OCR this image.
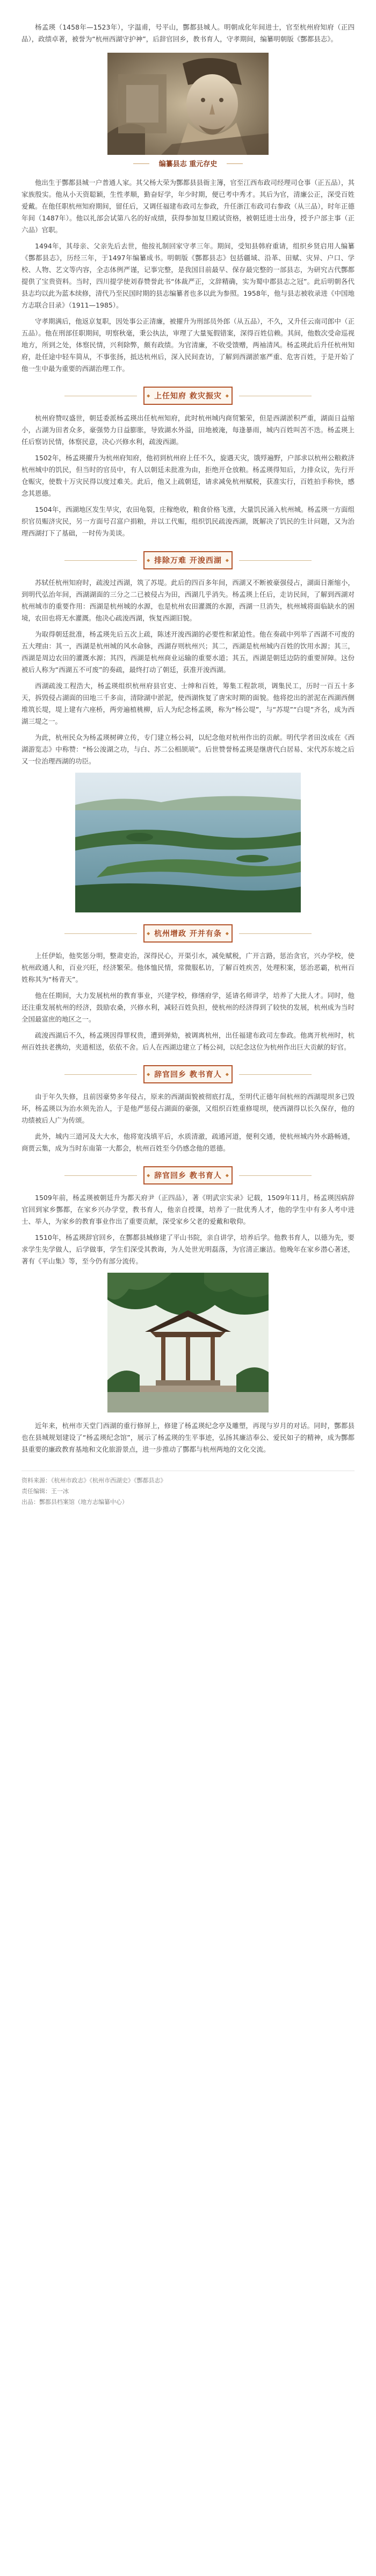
杨孟瑛（1458年—1523年），字温甫，号平山，酆都县城人。明朝成化年间进士，官至杭州府知府（正四品），政绩卓著，被誉为“杭州西湖守护神”，后辞官回乡，教书育人，守孝期间，编纂明朝版《酆都县志》。

编纂县志 重元存史

他出生于酆都县城一户普通人家。其父杨大荣为酆都县县衙主簿，官至江西布政司经理司仓事（正五品），其家族殷实。他从小天资聪颖，生性孝顺，勤奋好学，年少时期，便已考中秀才。其后为官，清廉公正，深受百姓爱戴。在他任职杭州知府期间，留任后，又调任福建布政司左参政，升任浙江布政司右参政（从三品），时年正德年间（1487年）。他以礼部会试第八名的好成绩，获得参加复旦殿试资格，被朝廷进士出身，授予户部主事（正六品）官职。

1494年，其母亲、父亲先后去世，他按礼制回家守孝三年。期间，受知县韩府重请，组织乡贤启用人编纂《酆都县志》，历经三年，于1497年编纂成书。明朝版《酆都县志》包括疆域、沿革、田赋、灾异、户口、学校、人物、艺文等内容，全志体例严谨，记事完整，是我国目前最早、保存最完整的一部县志，为研究古代酆都提供了宝贵资料。当时，四川提学使刘春赞誉此书“体裁严正，文辞精确，实为蜀中郡县志之冠”。此后明朝各代县志均以此为蓝本续修，清代乃至民国时期的县志编纂者也多以此为参照。1958年，他与县志被收录进《中国地方志联合目录》（1911—1985）。

守孝期满后，他返京复职，因处事公正清廉，被擢升为刑部员外郎（从五品），不久，又升任云南司郎中（正五品）。他在刑部任职期间，明察秋毫，秉公执法，审理了大量冤假错案，深得百姓信赖。其间，他数次受命巡视地方，所到之处，体察民情，兴利除弊，颇有政绩。为官清廉，不收受馈赠，两袖清风。杨孟瑛此后升任杭州知府，赴任途中轻车简从，不事张扬，抵达杭州后，深入民间查访，了解到西湖淤塞严重、危害百姓，于是开始了他一生中最为重要的西湖治理工作。

◆ 上任知府 救灾振灾 ◆

杭州府赞叹盛世，朝廷委派杨孟瑛出任杭州知府，此时杭州城内商贸繁荣，但是西湖淤积严重，湖面日益缩小，占湖为田者众多，豪强势力日益膨胀，导致湖水外溢，田地被淹，每逢暴雨，城内百姓叫苦不迭。杨孟瑛上任后察访民情，体察民意，决心兴修水利，疏浚西湖。

1502年，杨孟瑛擢升为杭州府知府，他初到杭州府上任不久，旋遇天灾，饿殍遍野，户部求以杭州公粮救济杭州城中的饥民，但当时的官员中，有人以朝廷未批准为由，拒绝开仓放粮。杨孟瑛得知后，力排众议，先行开仓赈灾，使数十万灾民得以度过难关。此后，他又上疏朝廷，请求减免杭州赋税，获准实行，百姓拍手称快，感念其恩德。

1504年，西湖地区发生旱灾，农田龟裂，庄稼绝收，粮食价格飞涨，大量饥民涌入杭州城。杨孟瑛一方面组织官员赈济灾民，另一方面号召富户捐粮，并以工代赈，组织饥民疏浚西湖，既解决了饥民的生计问题，又为治理西湖打下了基础，一时传为美谈。

◆ 排除万难 开浚西湖 ◆

苏轼任杭州知府时，疏浚过西湖，筑了苏堤。此后的四百多年间，西湖又不断被豪强侵占，湖面日渐缩小，到明代弘治年间，西湖湖面的三分之二已被侵占为田，西湖几乎消失。杨孟瑛上任后，走访民间，了解到西湖对杭州城市的重要作用：西湖是杭州城的水源，也是杭州农田灌溉的水源，西湖一旦消失，杭州城将面临缺水的困境，农田也将无水灌溉。他决心疏浚西湖，恢复西湖旧貌。

为取得朝廷批准，杨孟瑛先后五次上疏，陈述开浚西湖的必要性和紧迫性。他在奏疏中列举了西湖不可废的五大理由：其一，西湖是杭州城的风水命脉，西湖存则杭州兴；其二，西湖是杭州城内百姓的饮用水源；其三，西湖是周边农田的灌溉水源；其四，西湖是杭州商业运输的重要水道；其五，西湖是朝廷边防的重要屏障。这份被后人称为“西湖五不可废”的奏疏，最终打动了朝廷，获准开浚西湖。

西湖疏浚工程浩大，杨孟瑛组织杭州府县官吏、士绅和百姓，筹集工程款项，调集民工，历时一百五十多天，拆毁侵占湖面的田地三千多亩，清除湖中淤泥，使西湖恢复了唐宋时期的面貌。他将挖出的淤泥在西湖西侧堆筑长堤，堤上建有六座桥，两旁遍植桃柳，后人为纪念杨孟瑛，称为“杨公堤”，与“苏堤”“白堤”齐名，成为西湖三堤之一。

为此，杭州民众为杨孟瑛树碑立传，专门建立杨公祠，以纪念他对杭州作出的贡献。明代学者田汝成在《西湖游览志》中称赞：“杨公浚湖之功，与白、苏二公相颉颃”。后世赞誉杨孟瑛是继唐代白居易、宋代苏东坡之后又一位治理西湖的功臣。

◆ 杭州增政 开并有条 ◆

上任伊始，他奖惩分明，整肃吏治，深得民心，开渠引水，减免赋税，广开言路，惩治贪官，兴办学校，使杭州政通人和，百业兴旺，经济繁荣。他体恤民情，常微服私访，了解百姓疾苦，处理积案，惩治恶霸，杭州百姓称其为“杨青天”。

他在任期间，大力发展杭州的教育事业，兴建学校，修缮府学，延请名师讲学，培养了大批人才。同时，他还注重发展杭州的经济，鼓励农桑，兴修水利，减轻百姓负担，使杭州的经济得到了较快的发展，杭州成为当时全国最富庶的地区之一。

疏浚西湖后不久，杨孟瑛因得罪权贵，遭到弹劾，被调离杭州，出任福建布政司左参政。他离开杭州时，杭州百姓扶老携幼，夹道相送，依依不舍。后人在西湖边建立了杨公祠，以纪念这位为杭州作出巨大贡献的好官。

◆ 辞官回乡 教书育人 ◆

由于年久失修，且前因豪势多年侵占，原来的西湖面貌被彻底打乱，至明代正德年间杭州的西湖堤坝多已毁坏，杨孟瑛以为治水须先治人，于是他严惩侵占湖面的豪强，又组织百姓重修堤坝，使西湖得以长久保存，他的功绩被后人广为传颂。

此外，城内三道河及大大水，他将宽浅填平后，水质清澈，疏通河道，便利交通，使杭州城内外水路畅通，商贾云集，成为当时东南第一大都会，杭州百姓至今仍感念他的恩德。

◆ 辞官回乡 教书育人 ◆

1509年前，杨孟瑛被朝廷升为都天府尹（正四品），著《明武宗实录》记载，1509年11月，杨孟瑛因病辞官回到家乡酆都，在家乡兴办学堂，教书育人，他亲自授课，培养了一批优秀人才，他的学生中有多人考中进士、举人，为家乡的教育事业作出了重要贡献，深受家乡父老的爱戴和敬仰。

1510年，杨孟瑛辞官回乡，在酆都县城修建了平山书院，亲自讲学，培养后学。他教书育人，以德为先，要求学生先学做人，后学做事，学生们深受其教诲，为人处世光明磊落，为官清正廉洁。他晚年在家乡潜心著述，著有《平山集》等，至今仍有部分流传。

近年来，杭州市天堂门西湖的重行修屏上，修建了杨孟瑛纪念亭及雕塑，再现与岁月的对话。同时，酆都县也在县城规划建设了“杨孟瑛纪念馆”，展示了杨孟瑛的生平事迹，弘扬其廉洁奉公、爱民如子的精神，成为酆都县重要的廉政教育基地和文化旅游景点，进一步推动了酆都与杭州两地的文化交流。

资料来源：《杭州市政志》《杭州市西湖史》《酆都县志》
责任编辑：王一冰
出品：酆都县档案馆（地方志编纂中心）
